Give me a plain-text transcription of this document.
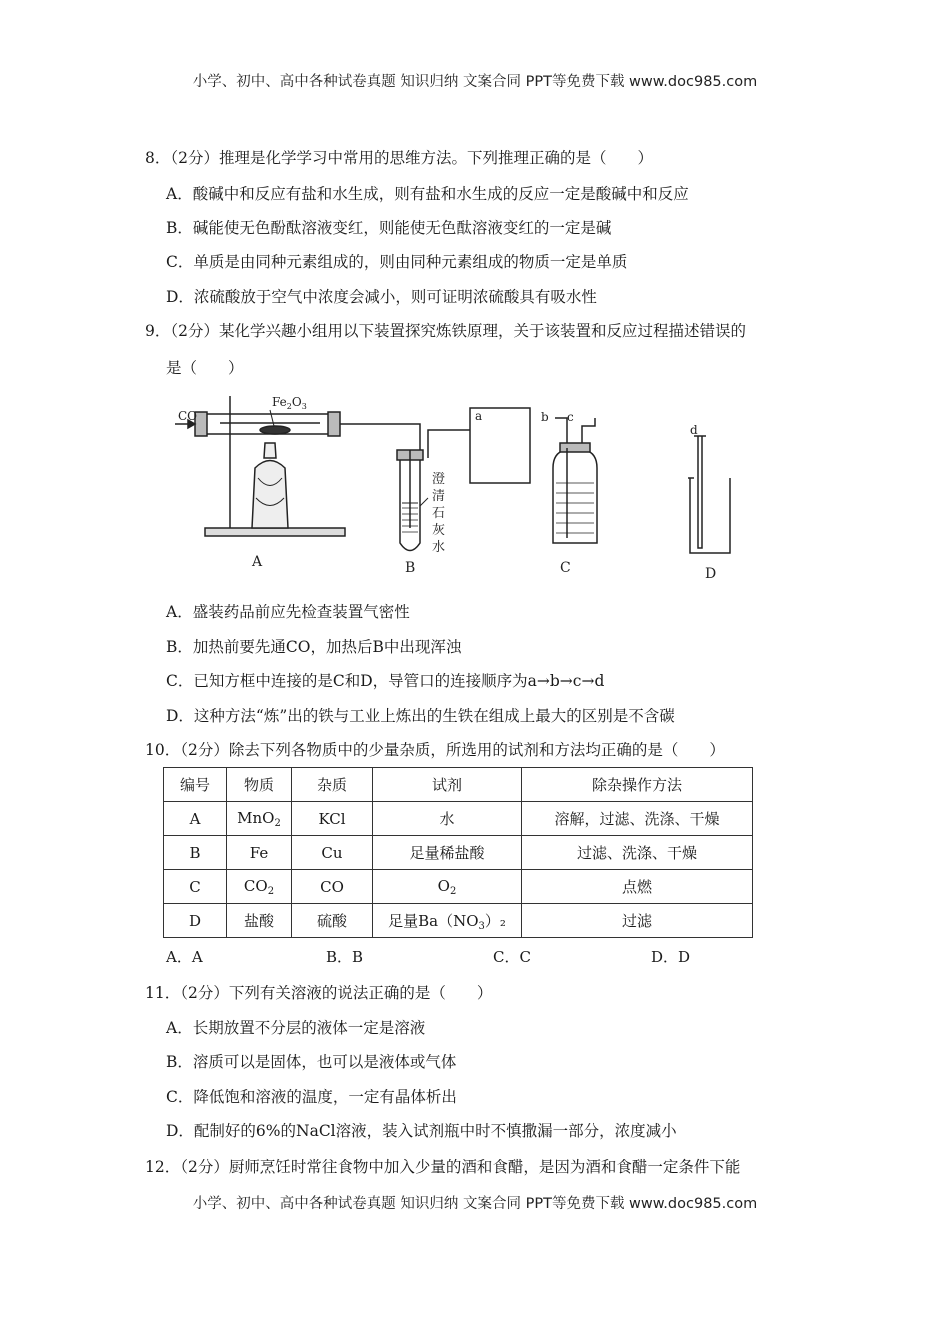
小学、初中、高中各种试卷真题 知识归纳 文案合同 PPT等免费下载 www.doc985.com
小学、初中、高中各种试卷真题 知识归纳 文案合同 PPT等免费下载 www.doc985.com
8．（2分）推理是化学学习中常用的思维方法。下列推理正确的是（　　）
A．酸碱中和反应有盐和水生成，则有盐和水生成的反应一定是酸碱中和反应
B．碱能使无色酚酞溶液变红，则能使无色酞溶液变红的一定是碱
C．单质是由同种元素组成的，则由同种元素组成的物质一定是单质
D．浓硫酸放于空气中浓度会减小，则可证明浓硫酸具有吸水性
9．（2分）某化学兴趣小组用以下装置探究炼铁原理，关于该装置和反应过程描述错误的
是（　　）
CO
$Fe_2O_3$
a	b c
d
澄
清
石
灰
水
A	B	C	D
A．盛装药品前应先检查装置气密性
B．加热前要先通CO，加热后B中出现浑浊
C．已知方框中连接的是C和D，导管口的连接顺序为a→b→c→d
D．这种方法“炼”出的铁与工业上炼出的生铁在组成上最大的区别是不含碳
10．（2分）除去下列各物质中的少量杂质，所选用的试剂和方法均正确的是（　　）
编号	物质	杂质	试剂	除杂操作方法
A	MnO$_2$	KCl	水	溶解，过滤、洗涤、干燥
B	Fe	Cu	足量稀盐酸	过滤、洗涤、干燥
C	$CO_2$	CO	$O_2$	点燃
D	盐酸	硫酸	足量$Ba(NO_3)_2$	过滤
A．A	B．B	C．C	D．D
11．（2分）下列有关溶液的说法正确的是（　　）
A．长期放置不分层的液体一定是溶液
B．溶质可以是固体，也可以是液体或气体
C．降低饱和溶液的温度，一定有晶体析出
D．配制好的6%的NaCl溶液，装入试剂瓶中时不慎撒漏一部分，浓度减小
12．（2分）厨师烹饪时常往食物中加入少量的酒和食醋，是因为酒和食醋一定条件下能
